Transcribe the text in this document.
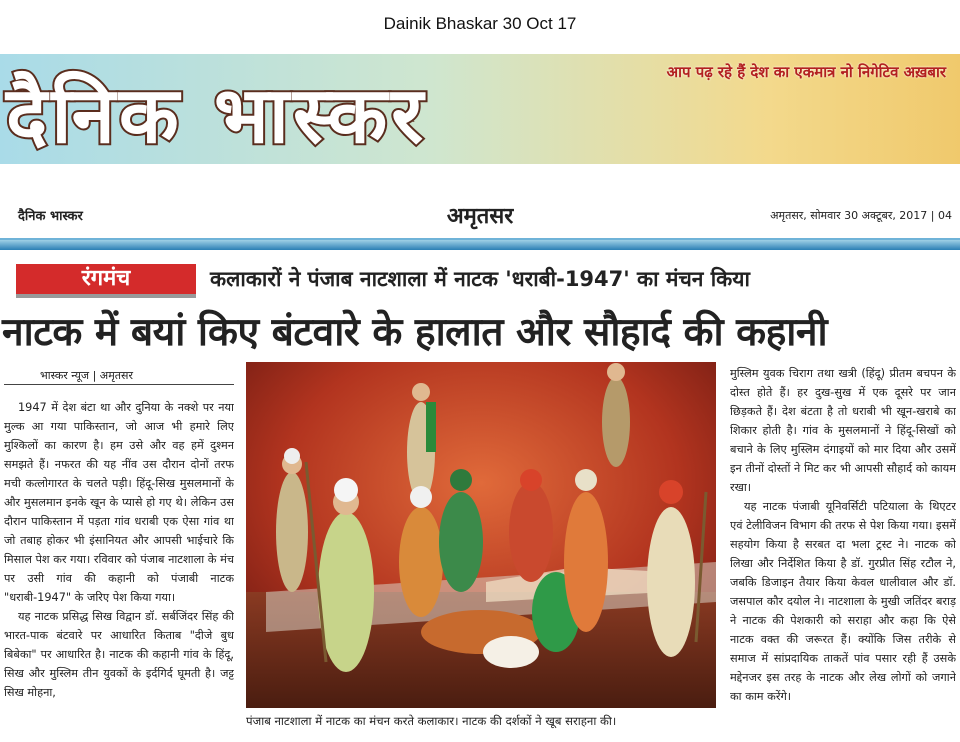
Dainik Bhaskar 30 Oct 17
आप पढ़ रहे हैं देश का एकमात्र नो निगेटिव अख़बार
दैनिक भास्कर
दैनिक भास्कर	अमृतसर	अमृतसर, सोमवार 30 अक्टूबर, 2017 | 04
रंगमंच	कलाकारों ने पंजाब नाटशाला में नाटक 'धराबी-1947' का मंचन किया
नाटक में बयां किए बंटवारे के हालात और सौहार्द की कहानी
भास्कर न्यूज | अमृतसर

1947 में देश बंटा था और दुनिया के नक्शे पर नया मुल्क आ गया पाकिस्तान, जो आज भी हमारे लिए मुश्किलों का कारण है। हम उसे और वह हमें दुश्मन समझते हैं। नफरत की यह नींव उस दौरान दोनों तरफ मची कत्लोगारत के चलते पड़ी। हिंदू-सिख मुसलमानों के और मुसलमान इनके खून के प्यासे हो गए थे। लेकिन उस दौरान पाकिस्तान में पड़ता गांव धराबी एक ऐसा गांव था जो तबाह होकर भी इंसानियत और आपसी भाईचारे कि मिसाल पेश कर गया। रविवार को पंजाब नाटशाला के मंच पर उसी गांव की कहानी को पंजाबी नाटक "धराबी-1947" के जरिए पेश किया गया।

यह नाटक प्रसिद्ध सिख विद्वान डॉ. सर्बजिंदर सिंह की भारत-पाक बंटवारे पर आधारित किताब "दीजे बुध बिबेका" पर आधारित है। नाटक की कहानी गांव के हिंदू, सिख और मुस्लिम तीन युवकों के इर्दगिर्द घूमती है। जट्ट सिख मोहना,

पंजाब नाटशाला में नाटक का मंचन करते कलाकार। नाटक की दर्शकों ने खूब सराहना की।

मुस्लिम युवक चिराग तथा खत्री (हिंदू) प्रीतम बचपन के दोस्त होते हैं। हर दुख-सुख में एक दूसरे पर जान छिड़कते हैं। देश बंटता है तो धराबी भी खून-खराबे का शिकार होती है। गांव के मुसलमानों ने हिंदू-सिखों को बचाने के लिए मुस्लिम दंगाइयों को मार दिया और उसमें इन तीनों दोस्तों ने मिट कर भी आपसी सौहार्द को कायम रखा।

यह नाटक पंजाबी यूनिवर्सिटी पटियाला के थिएटर एवं टेलीविजन विभाग की तरफ से पेश किया गया। इसमें सहयोग किया है सरबत दा भला ट्रस्ट ने। नाटक को लिखा और निर्देशित किया है डॉ. गुरप्रीत सिंह रटौल ने, जबकि डिजाइन तैयार किया केवल धालीवाल और डॉ. जसपाल कौर दयोल ने। नाटशाला के मुखी जतिंदर बराड़ ने नाटक की पेशकारी को सराहा और कहा कि ऐसे नाटक वक्त की जरूरत हैं। क्योंकि जिस तरीके से समाज में सांप्रदायिक ताकतें पांव पसार रही हैं उसके मद्देनजर इस तरह के नाटक और लेख लोगों को जगाने का काम करेंगे।
